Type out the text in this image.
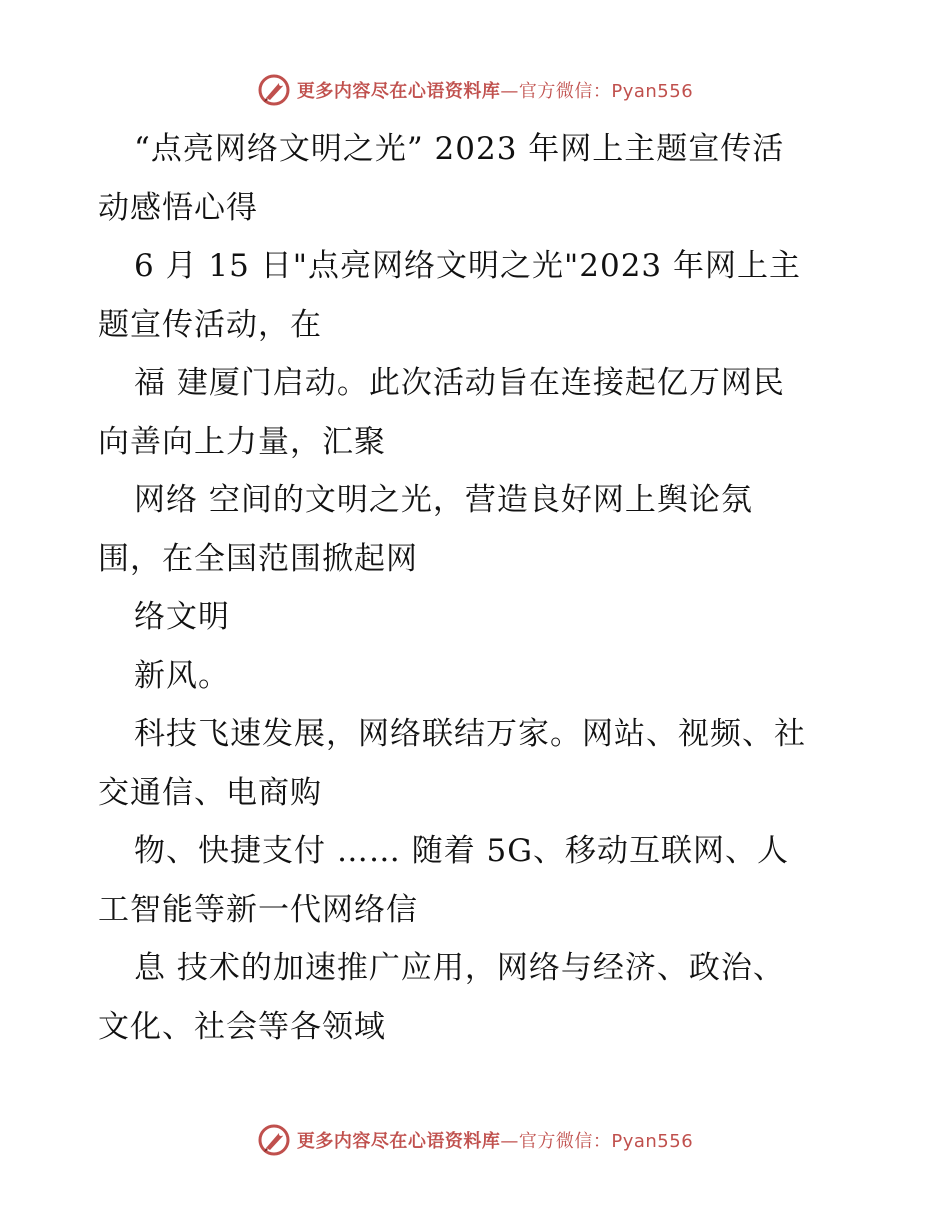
更多内容尽在心语资料库—官方微信：Pyan556
“点亮网络文明之光” 2023 年网上主题宣传活
动感悟心得
6 月 15 日"点亮网络文明之光"2023 年网上主
题宣传活动，在
福 建厦门启动。此次活动旨在连接起亿万网民
向善向上力量，汇聚
网络 空间的文明之光，营造良好网上舆论氛
围，在全国范围掀起网
络文明
新风。
科技飞速发展，网络联结万家。网站、视频、社
交通信、电商购
物、快捷支付 …… 随着 5G、移动互联网、人
工智能等新一代网络信
息 技术的加速推广应用，网络与经济、政治、
文化、社会等各领域
更多内容尽在心语资料库—官方微信：Pyan556
